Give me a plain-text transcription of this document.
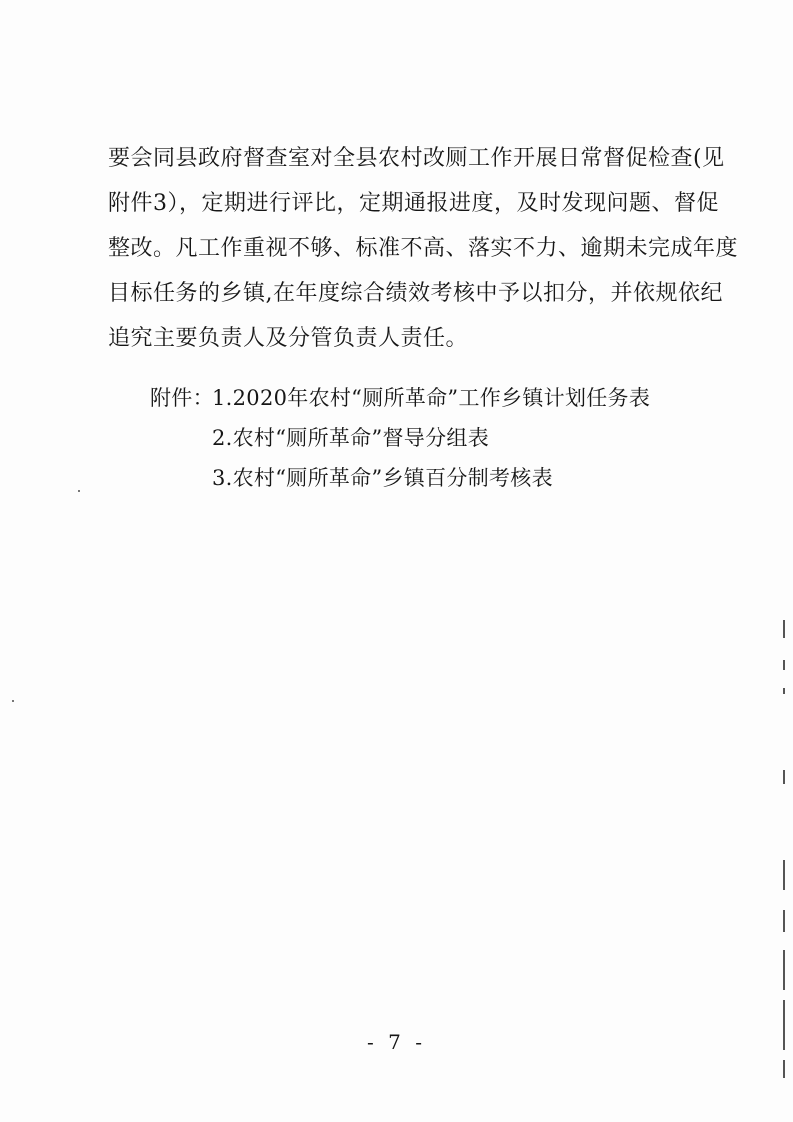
要会同县政府督查室对全县农村改厕工作开展日常督促检查(见
附件3），定期进行评比，定期通报进度，及时发现问题、督促
整改。凡工作重视不够、标准不高、落实不力、逾期未完成年度
目标任务的乡镇,在年度综合绩效考核中予以扣分，并依规依纪
追究主要负责人及分管负责人责任。
附件：1.2020年农村“厕所革命”工作乡镇计划任务表
2.农村“厕所革命”督导分组表
3.农村“厕所革命”乡镇百分制考核表
- 7 -
